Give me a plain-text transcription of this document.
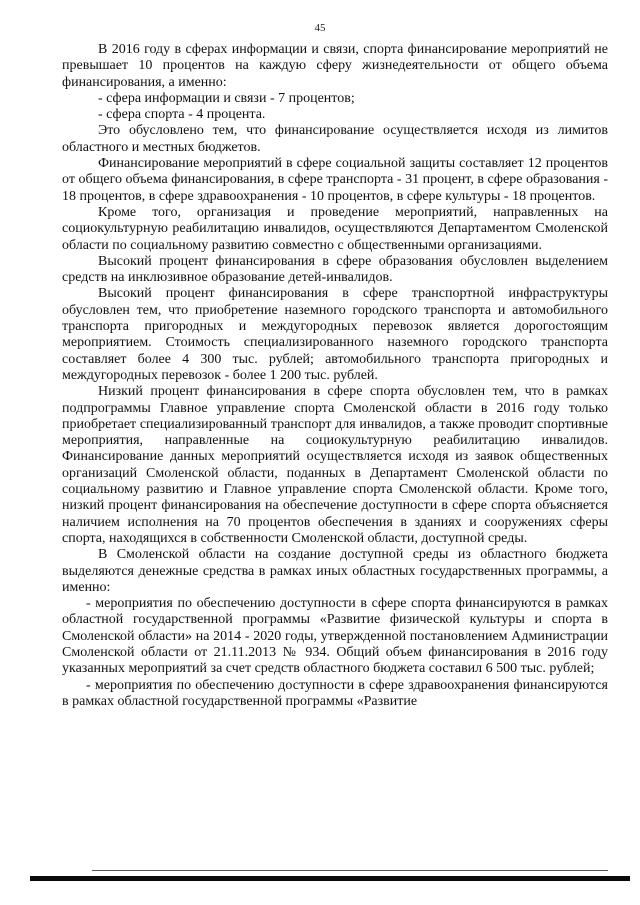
45

В 2016 году в сферах информации и связи, спорта финансирование мероприятий не превышает 10 процентов на каждую сферу жизнедеятельности от общего объема финансирования, а именно:

- сфера информации и связи - 7 процентов;

- сфера спорта - 4 процента.

Это обусловлено тем, что финансирование осуществляется исходя из лимитов областного и местных бюджетов.

Финансирование мероприятий в сфере социальной защиты составляет 12 процентов от общего объема финансирования, в сфере транспорта - 31 процент, в сфере образования - 18 процентов, в сфере здравоохранения - 10 процентов, в сфере культуры - 18 процентов.

Кроме того, организация и проведение мероприятий, направленных на социокультурную реабилитацию инвалидов, осуществляются Департаментом Смоленской области по социальному развитию совместно с общественными организациями.

Высокий процент финансирования в сфере образования обусловлен выделением средств на инклюзивное образование детей-инвалидов.

Высокий процент финансирования в сфере транспортной инфраструктуры обусловлен тем, что приобретение наземного городского транспорта и автомобильного транспорта пригородных и междугородных перевозок является дорогостоящим мероприятием. Стоимость специализированного наземного городского транспорта составляет более 4 300 тыс. рублей; автомобильного транспорта пригородных и междугородных перевозок - более 1 200 тыс. рублей.

Низкий процент финансирования в сфере спорта обусловлен тем, что в рамках подпрограммы Главное управление спорта Смоленской области в 2016 году только приобретает специализированный транспорт для инвалидов, а также проводит спортивные мероприятия, направленные на социокультурную реабилитацию инвалидов. Финансирование данных мероприятий осуществляется исходя из заявок общественных организаций Смоленской области, поданных в Департамент Смоленской области по социальному развитию и Главное управление спорта Смоленской области. Кроме того, низкий процент финансирования на обеспечение доступности в сфере спорта объясняется наличием исполнения на 70 процентов обеспечения в зданиях и сооружениях сферы спорта, находящихся в собственности Смоленской области, доступной среды.

В Смоленской области на создание доступной среды из областного бюджета выделяются денежные средства в рамках иных областных государственных программы, а именно:

- мероприятия по обеспечению доступности в сфере спорта финансируются в рамках областной государственной программы «Развитие физической культуры и спорта в Смоленской области» на 2014 - 2020 годы, утвержденной постановлением Администрации Смоленской области от 21.11.2013 № 934. Общий объем финансирования в 2016 году указанных мероприятий за счет средств областного бюджета составил 6 500 тыс. рублей;

- мероприятия по обеспечению доступности в сфере здравоохранения финансируются в рамках областной государственной программы «Развитие
